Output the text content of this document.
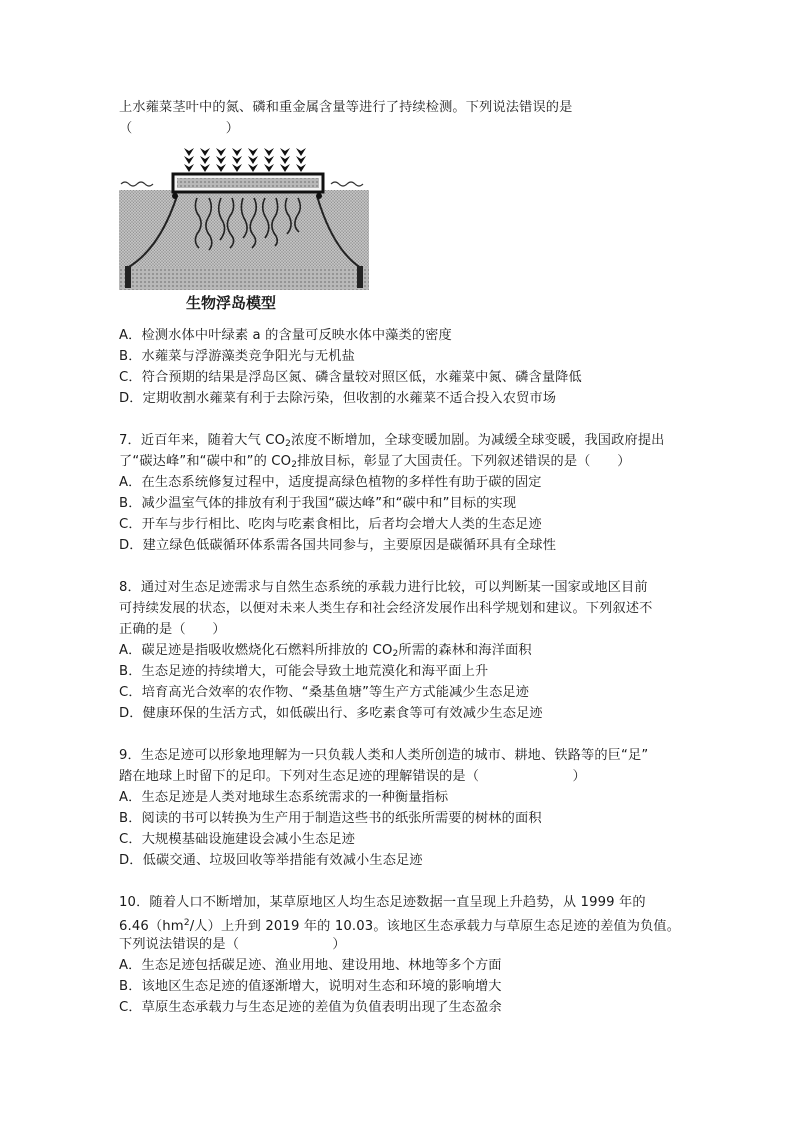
上水蕹菜茎叶中的氮、磷和重金属含量等进行了持续检测。下列说法错误的是
（　　　　　　　）
生物浮岛模型
A．检测水体中叶绿素 a 的含量可反映水体中藻类的密度
B．水蕹菜与浮游藻类竞争阳光与无机盐
C．符合预期的结果是浮岛区氮、磷含量较对照区低，水蕹菜中氮、磷含量降低
D．定期收割水蕹菜有利于去除污染，但收割的水蕹菜不适合投入农贸市场
7．近百年来，随着大气 $CO_2$浓度不断增加，全球变暖加剧。为减缓全球变暖，我国政府提出
了“碳达峰”和“碳中和”的 $CO_2$排放目标，彰显了大国责任。下列叙述错误的是（　　）
A．在生态系统修复过程中，适度提高绿色植物的多样性有助于碳的固定
B．减少温室气体的排放有利于我国“碳达峰”和“碳中和”目标的实现
C．开车与步行相比、吃肉与吃素食相比，后者均会增大人类的生态足迹
D．建立绿色低碳循环体系需各国共同参与，主要原因是碳循环具有全球性
8．通过对生态足迹需求与自然生态系统的承载力进行比较，可以判断某一国家或地区目前
可持续发展的状态，以便对未来人类生存和社会经济发展作出科学规划和建议。下列叙述不
正确的是（　　）
A．碳足迹是指吸收燃烧化石燃料所排放的 $CO_2$所需的森林和海洋面积
B．生态足迹的持续增大，可能会导致土地荒漠化和海平面上升
C．培育高光合效率的农作物、“桑基鱼塘”等生产方式能减少生态足迹
D．健康环保的生活方式，如低碳出行、多吃素食等可有效减少生态足迹
9．生态足迹可以形象地理解为一只负载人类和人类所创造的城市、耕地、铁路等的巨“足”
踏在地球上时留下的足印。下列对生态足迹的理解错误的是（　　　　　　　）
A．生态足迹是人类对地球生态系统需求的一种衡量指标
B．阅读的书可以转换为生产用于制造这些书的纸张所需要的树林的面积
C．大规模基础设施建设会减小生态足迹
D．低碳交通、垃圾回收等举措能有效减小生态足迹
10．随着人口不断增加，某草原地区人均生态足迹数据一直呈现上升趋势，从 1999 年的
$6.46(hm^2/$人）上升到 2019 年的 10.03。该地区生态承载力与草原生态足迹的差值为负值。
下列说法错误的是（　　　　　　　）
A．生态足迹包括碳足迹、渔业用地、建设用地、林地等多个方面
B．该地区生态足迹的值逐渐增大，说明对生态和环境的影响增大
C．草原生态承载力与生态足迹的差值为负值表明出现了生态盈余
